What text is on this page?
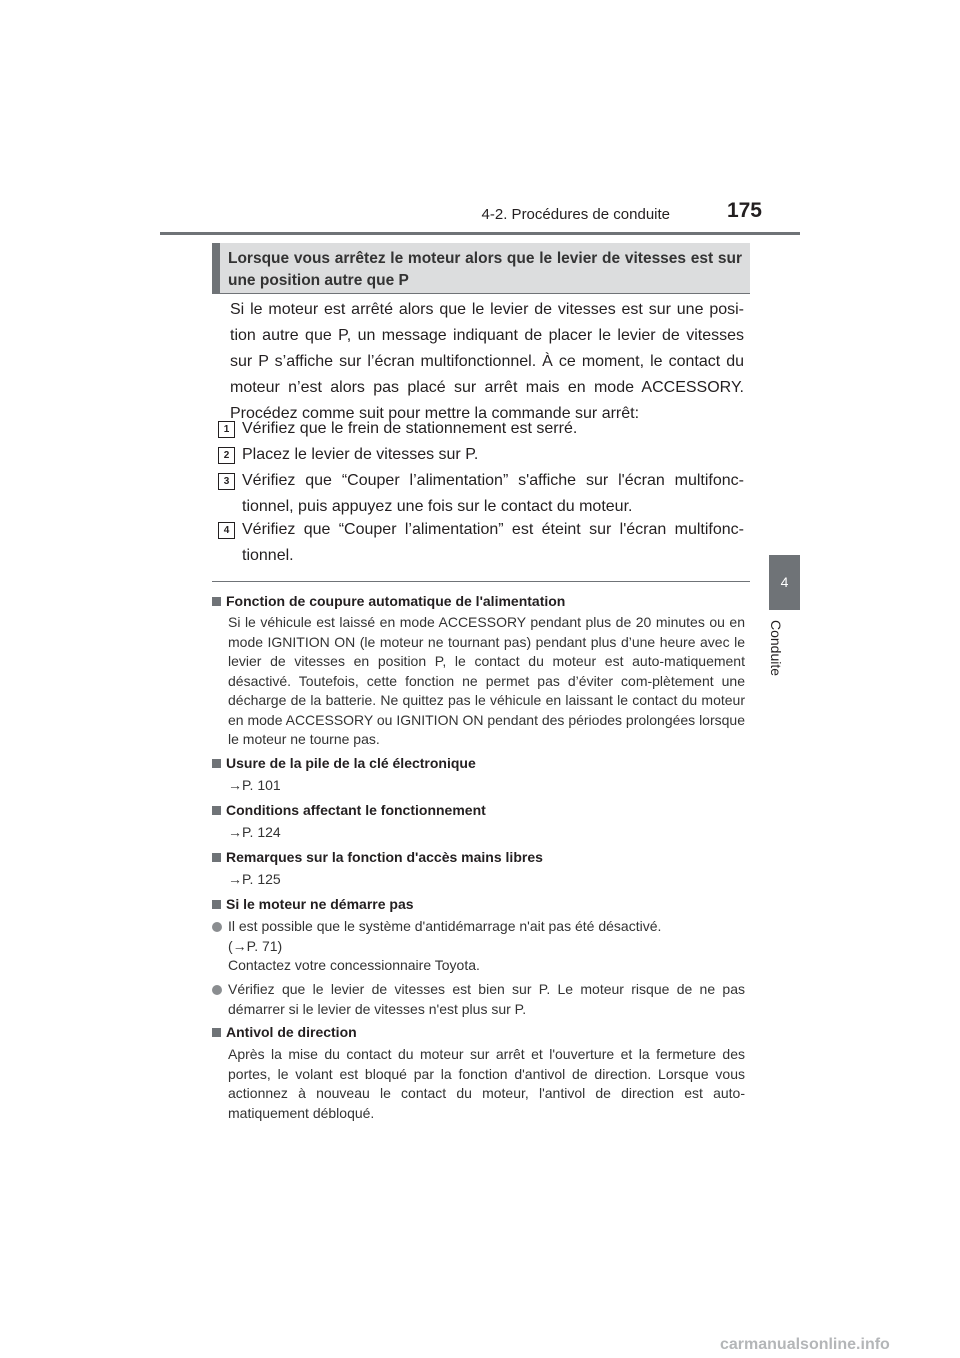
4-2. Procédures de conduite	175
4
Conduite
Lorsque vous arrêtez le moteur alors que le levier de vitesses est sur une position autre que P
Si le moteur est arrêté alors que le levier de vitesses est sur une posi-tion autre que P, un message indiquant de placer le levier de vitesses sur P s’affiche sur l’écran multifonctionnel. À ce moment, le contact du moteur n’est alors pas placé sur arrêt mais en mode ACCESSORY. Procédez comme suit pour mettre la commande sur arrêt:
1 Vérifiez que le frein de stationnement est serré.
2 Placez le levier de vitesses sur P.
3 Vérifiez que “Couper l’alimentation” s'affiche sur l'écran multifonc-tionnel, puis appuyez une fois sur le contact du moteur.
4 Vérifiez que “Couper l’alimentation” est éteint sur l'écran multifonc-tionnel.
Fonction de coupure automatique de l'alimentation
Si le véhicule est laissé en mode ACCESSORY pendant plus de 20 minutes ou en mode IGNITION ON (le moteur ne tournant pas) pendant plus d’une heure avec le levier de vitesses en position P, le contact du moteur est auto-matiquement désactivé. Toutefois, cette fonction ne permet pas d’éviter com-plètement une décharge de la batterie. Ne quittez pas le véhicule en laissant le contact du moteur en mode ACCESSORY ou IGNITION ON pendant des périodes prolongées lorsque le moteur ne tourne pas.
Usure de la pile de la clé électronique
→P. 101
Conditions affectant le fonctionnement
→P. 124
Remarques sur la fonction d'accès mains libres
→P. 125
Si le moteur ne démarre pas
Il est possible que le système d'antidémarrage n'ait pas été désactivé.
(→P. 71)
Contactez votre concessionnaire Toyota.
Vérifiez que le levier de vitesses est bien sur P. Le moteur risque de ne pas démarrer si le levier de vitesses n'est plus sur P.
Antivol de direction
Après la mise du contact du moteur sur arrêt et l'ouverture et la fermeture des portes, le volant est bloqué par la fonction d'antivol de direction. Lorsque vous actionnez à nouveau le contact du moteur, l'antivol de direction est auto-matiquement débloqué.
carmanualsonline.info
